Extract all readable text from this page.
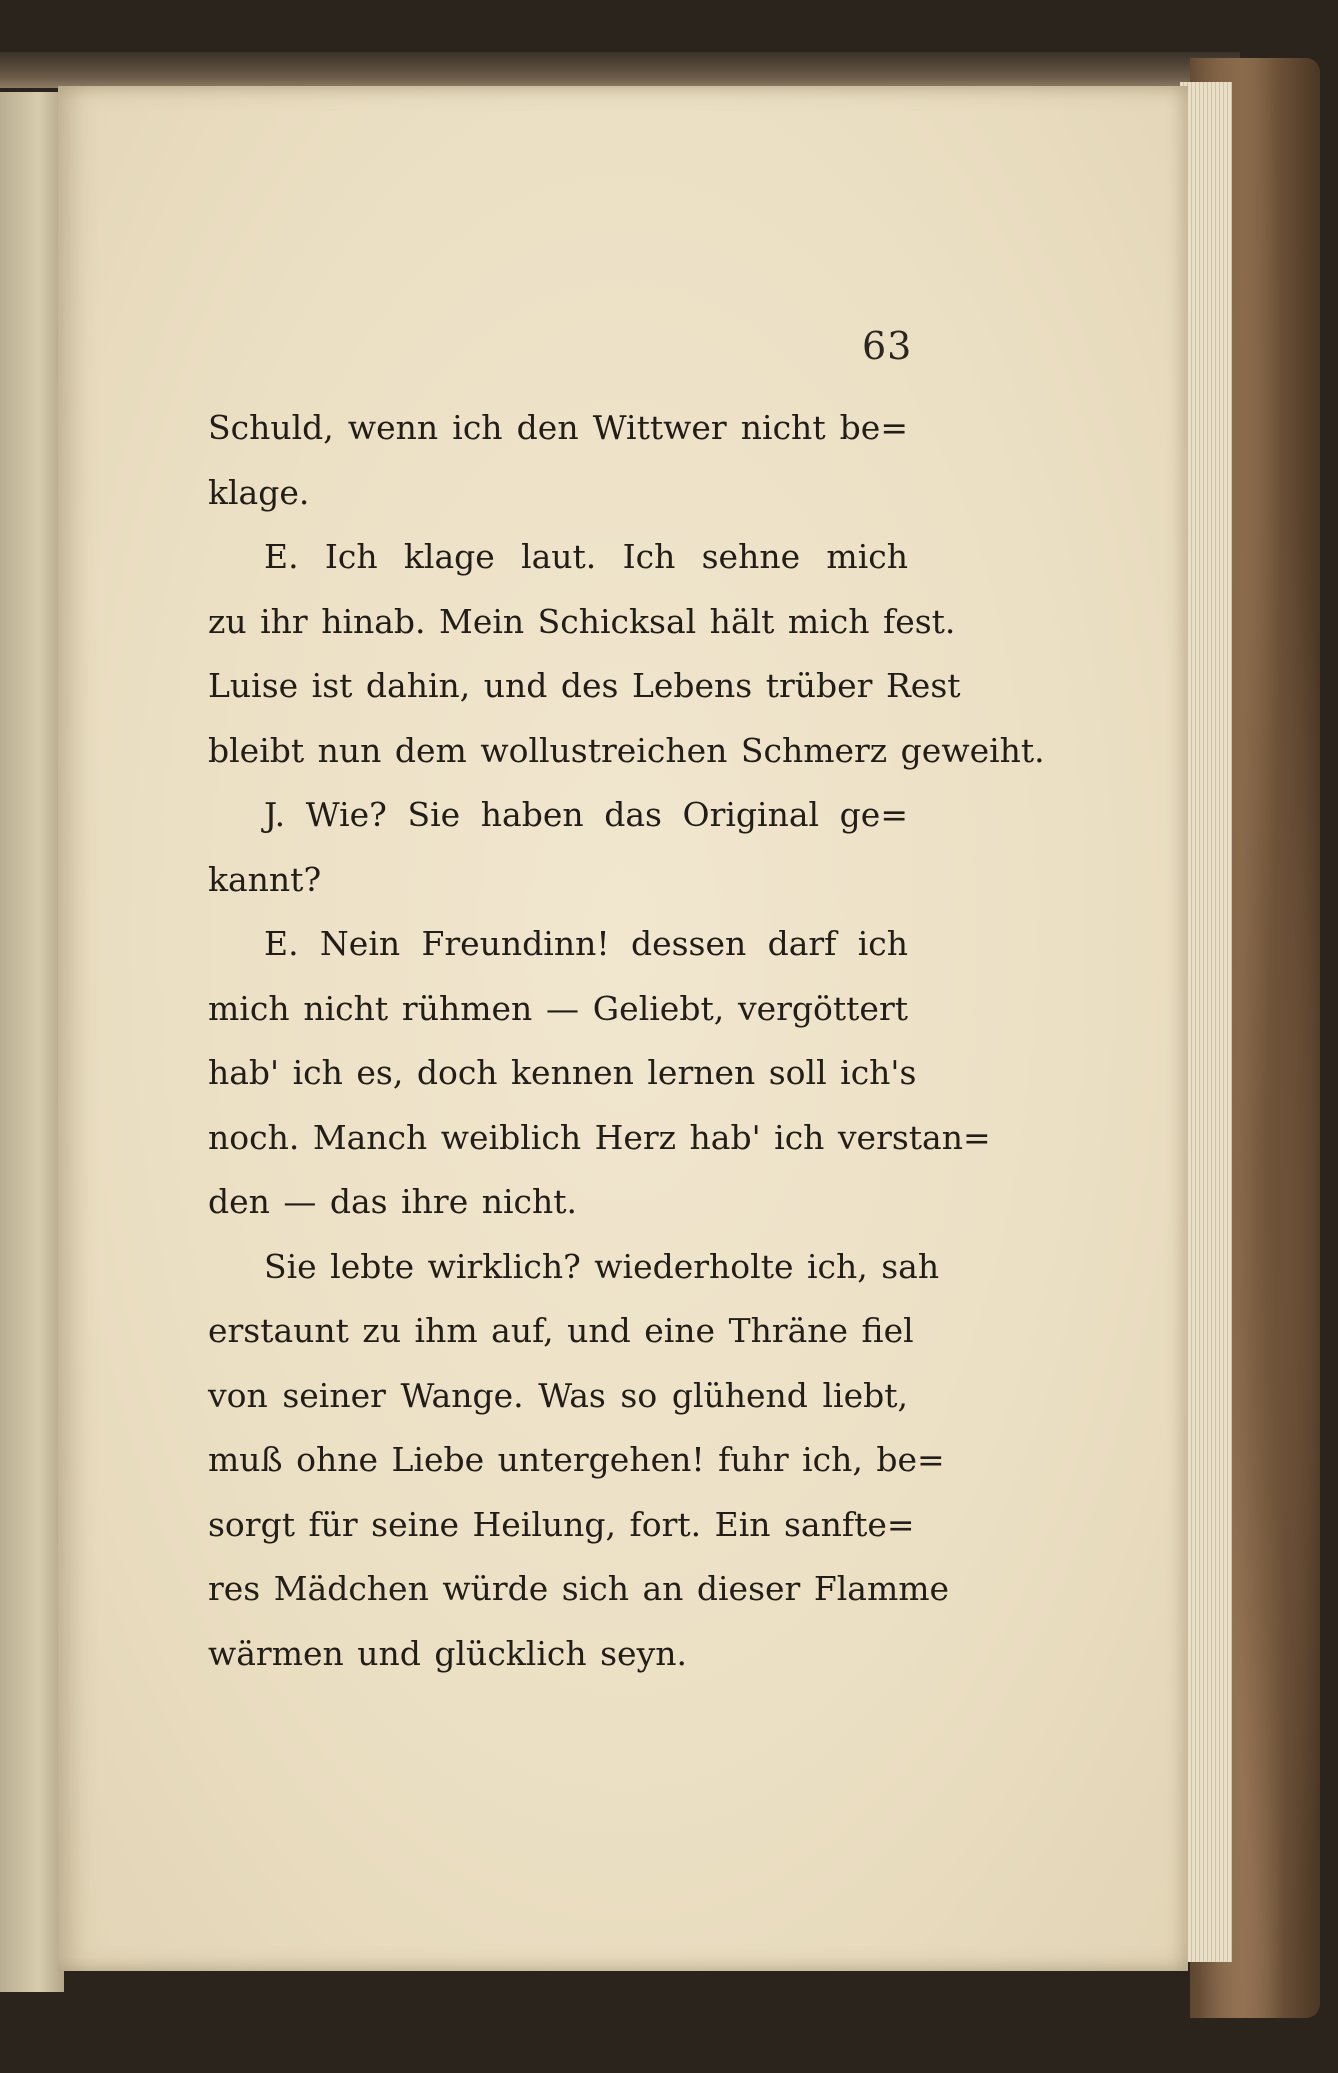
63
Schuld, wenn ich den Wittwer nicht be=
klage.
E. Ich klage laut. Ich sehne mich
zu ihr hinab. Mein Schicksal hält mich fest.
Luise ist dahin, und des Lebens trüber Rest
bleibt nun dem wollustreichen Schmerz geweiht.
J. Wie? Sie haben das Original ge=
kannt?
E. Nein Freundinn! dessen darf ich
mich nicht rühmen — Geliebt, vergöttert
hab' ich es, doch kennen lernen soll ich's
noch. Manch weiblich Herz hab' ich verstan=
den — das ihre nicht.
Sie lebte wirklich? wiederholte ich, sah
erstaunt zu ihm auf, und eine Thräne fiel
von seiner Wange. Was so glühend liebt,
muß ohne Liebe untergehen! fuhr ich, be=
sorgt für seine Heilung, fort. Ein sanfte=
res Mädchen würde sich an dieser Flamme
wärmen und glücklich seyn.
